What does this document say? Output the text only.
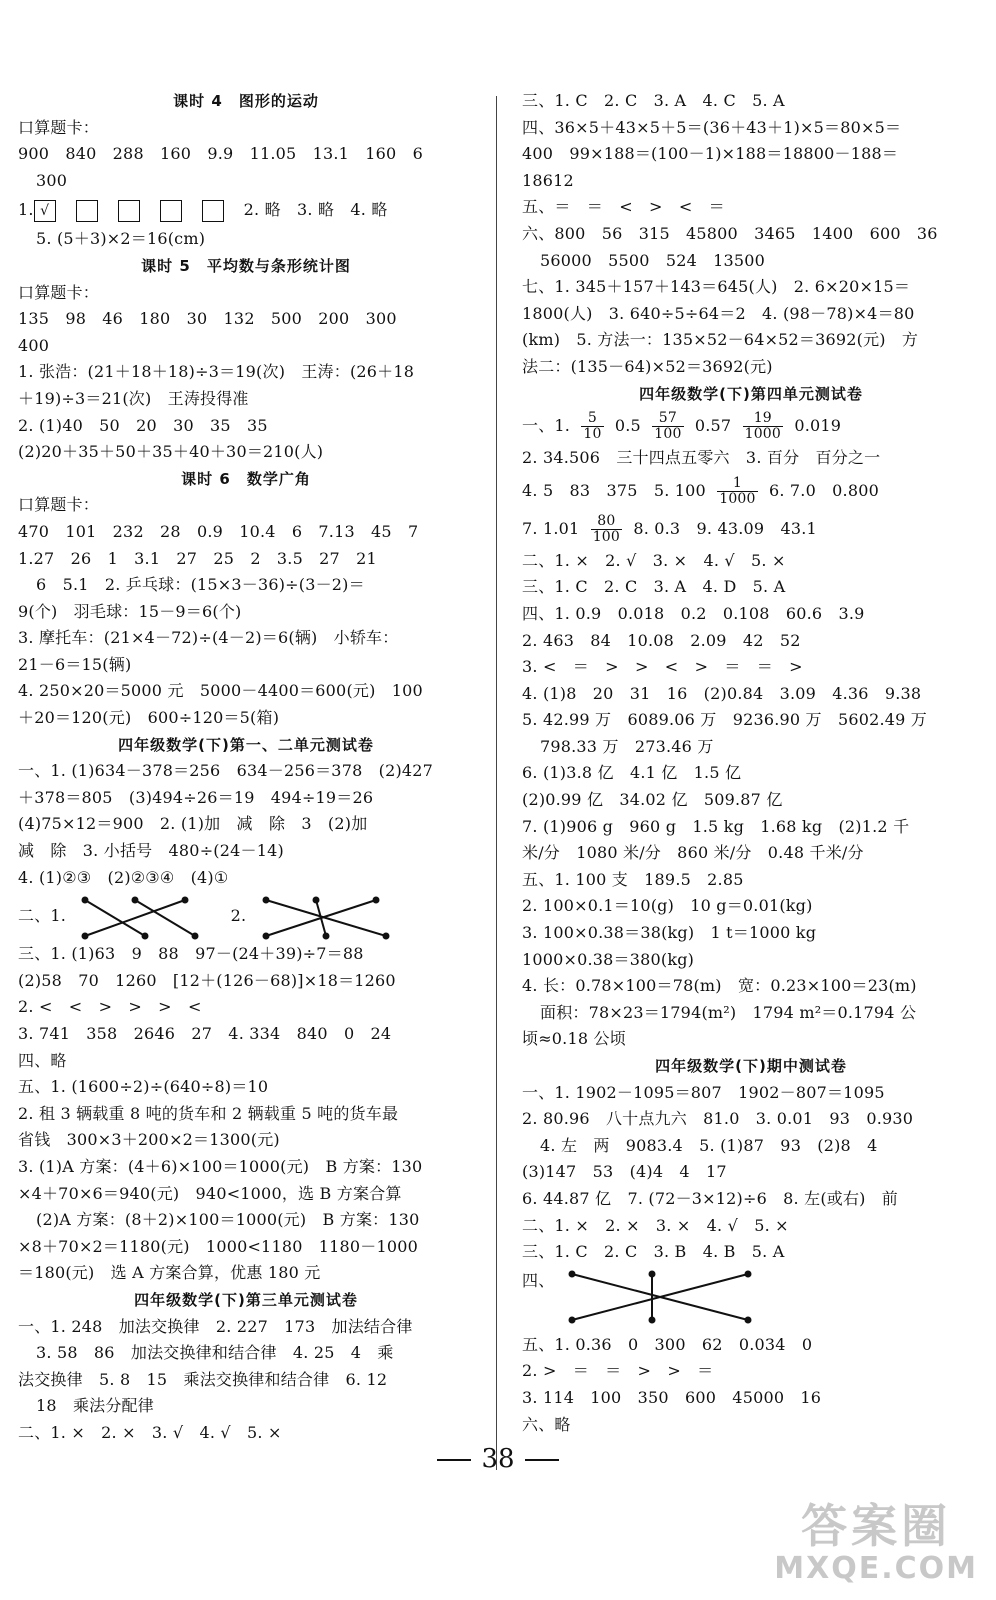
课时 4　图形的运动
口算题卡：
900　840　288　160　9.9　11.05　13.1　160　6
300
1. √	2. 略　3. 略　4. 略
5. (5＋3)×2＝16(cm)
课时 5　平均数与条形统计图
口算题卡：
135　98　46　180　30　132　500　200　300
400
1. 张浩：(21＋18＋18)÷3＝19(次)　王涛：(26＋18
＋19)÷3＝21(次)　王涛投得准
2. (1)40　50　20　30　35　35
(2)20＋35＋50＋35＋40＋30＝210(人)
课时 6　数学广角
口算题卡：
470　101　232　28　0.9　10.4　6　7.13　45　7
1.27　26　1　3.1　27　25　2　3.5　27　21
6　5.1　2. 乒乓球：(15×3－36)÷(3－2)＝
9(个)　羽毛球：15－9＝6(个)
3. 摩托车：(21×4－72)÷(4－2)＝6(辆)　小轿车：
21－6＝15(辆)
4. 250×20＝5000 元　5000－4400＝600(元)　100
＋20＝120(元)　600÷120＝5(箱)
四年级数学(下)第一、二单元测试卷
一、1. (1)634－378＝256　634－256＝378　(2)427
＋378＝805　(3)494÷26＝19　494÷19＝26
(4)75×12＝900　2. (1)加　减　除　3　(2)加
减　除　3. 小括号　480÷(24－14)
4. (1)②③　(2)②③④　(4)①
二、1.	2.
三、1. (1)63　9　88　97－(24＋39)÷7＝88
(2)58　70　1260　[12＋(126－68)]×18＝1260
2. <　<　>　>　>　<
3. 741　358　2646　27　4. 334　840　0　24
四、略
五、1. (1600÷2)÷(640÷8)＝10
2. 租 3 辆载重 8 吨的货车和 2 辆载重 5 吨的货车最
省钱　300×3＋200×2＝1300(元)
3. (1)A 方案：(4＋6)×100＝1000(元)　B 方案：130
×4＋70×6＝940(元)　940<1000，选 B 方案合算
(2)A 方案：(8＋2)×100＝1000(元)　B 方案：130
×8＋70×2＝1180(元)　1000<1180　1180－1000
＝180(元)　选 A 方案合算，优惠 180 元
四年级数学(下)第三单元测试卷
一、1. 248　加法交换律　2. 227　173　加法结合律
3. 58　86　加法交换律和结合律　4. 25　4　乘
法交换律　5. 8　15　乘法交换律和结合律　6. 12
18　乘法分配律
二、1. ×　2. ×　3. √　4. √　5. ×
三、1. C　2. C　3. A　4. C　5. A
四、36×5＋43×5＋5＝(36＋43＋1)×5＝80×5＝
400　99×188＝(100－1)×188＝18800－188＝
18612
五、＝　＝　<　>　<　＝
六、800　56　315　45800　3465　1400　600　36
56000　5500　524　13500
七、1. 345＋157＋143＝645(人)　2. 6×20×15＝
1800(人)　3. 640÷5÷64＝2　4. (98－78)×4＝80
(km)　5. 方法一：135×52－64×52＝3692(元)　方
法二：(135－64)×52＝3692(元)
四年级数学(下)第四单元测试卷
一、1. $\frac{5}{10} 0.5 \frac{57}{100} 0.57 \frac{19}{1000} 0.019$
2. 34.506　三十四点五零六　3. 百分　百分之一
4. 5　83　375　5. $100 \frac{1}{1000} 6$. 7.0　0.800
7. $1.01 \frac{80}{100} 8$. 0.3　9. 43.09　43.1
二、1. ×　2. √　3. ×　4. √　5. ×
三、1. C　2. C　3. A　4. D　5. A
四、1. 0.9　0.018　0.2　0.108　60.6　3.9
2. 463　84　10.08　2.09　42　52
3. <　＝　>　>　<　>　＝　＝　>
4. (1)8　20　31　16　(2)0.84　3.09　4.36　9.38
5. 42.99 万　6089.06 万　9236.90 万　5602.49 万
798.33 万　273.46 万
6. (1)3.8 亿　4.1 亿　1.5 亿
(2)0.99 亿　34.02 亿　509.87 亿
7. (1)906 g　960 g　1.5 kg　1.68 kg　(2)1.2 千
米/分　1080 米/分　860 米/分　0.48 千米/分
五、1. 100 支　189.5　2.85
2. 100×0.1＝10(g)　10 g＝0.01(kg)
3. 100×0.38＝38(kg)　1 t＝1000 kg
1000×0.38＝380(kg)
4. 长：0.78×100＝78(m)　宽：0.23×100＝23(m)
面积：78×23＝1794(m²)　1794 m²＝0.1794 公
顷≈0.18 公顷
四年级数学(下)期中测试卷
一、1. 1902－1095＝807　1902－807＝1095
2. 80.96　八十点九六　81.0　3. 0.01　93　0.930
4. 左　两　9083.4　5. (1)87　93　(2)8　4
(3)147　53　(4)4　4　17
6. 44.87 亿　7. (72－3×12)÷6　8. 左(或右)　前
二、1. ×　2. ×　3. ×　4. √　5. ×
三、1. C　2. C　3. B　4. B　5. A
四、
五、1. 0.36　0　300　62　0.034　0
2. >　＝　＝　>　>　＝
3. 114　100　350　600　45000　16
六、略
38
答案圈
MXQE.COM
